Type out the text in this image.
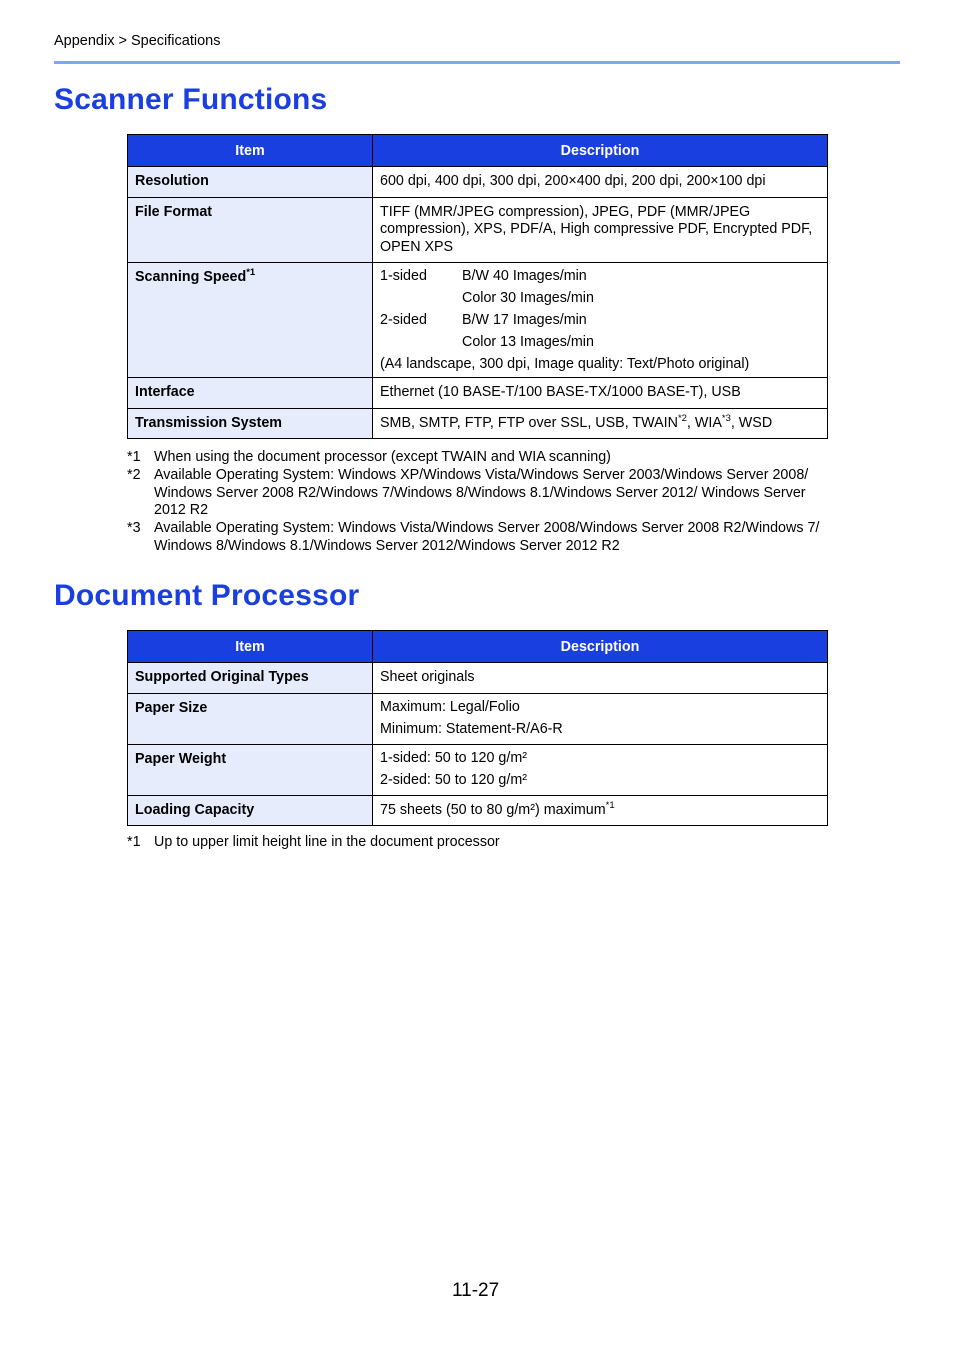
Appendix > Specifications
Scanner Functions
Item	Description
Resolution	600 dpi, 400 dpi, 300 dpi, 200×400 dpi, 200 dpi, 200×100 dpi
File Format	TIFF (MMR/JPEG compression), JPEG, PDF (MMR/JPEG compression), XPS, PDF/A, High compressive PDF, Encrypted PDF, OPEN XPS
Scanning Speed$^{*1}$	1-sided B/W 40 Images/min
Color 30 Images/min
2-sided B/W 17 Images/min
Color 13 Images/min
(A4 landscape, 300 dpi, Image quality: Text/Photo original)

Interface	Ethernet (10 BASE-T/100 BASE-TX/1000 BASE-T), USB
Transmission System	SMB, SMTP, FTP, FTP over SSL, USB, TWAIN$^{*2}$, WIA$^{*3}$, WSD
*1 When using the document processor (except TWAIN and WIA scanning)
*2 Available Operating System: Windows XP/Windows Vista/Windows Server 2003/Windows Server 2008/ Windows Server 2008 R2/Windows 7/Windows 8/Windows 8.1/Windows Server 2012/ Windows Server 2012 R2
*3 Available Operating System: Windows Vista/Windows Server 2008/Windows Server 2008 R2/Windows 7/ Windows 8/Windows 8.1/Windows Server 2012/Windows Server 2012 R2
Document Processor
Item	Description
Supported Original Types	Sheet originals
Paper Size	Maximum: Legal/Folio
Minimum: Statement-R/A6-R

Paper Weight	1-sided: 50 to 120 g/m²
2-sided: 50 to 120 g/m²

Loading Capacity	75 sheets (50 to 80 g/m²) maximum$^{*1}$
*1 Up to upper limit height line in the document processor
11-27
